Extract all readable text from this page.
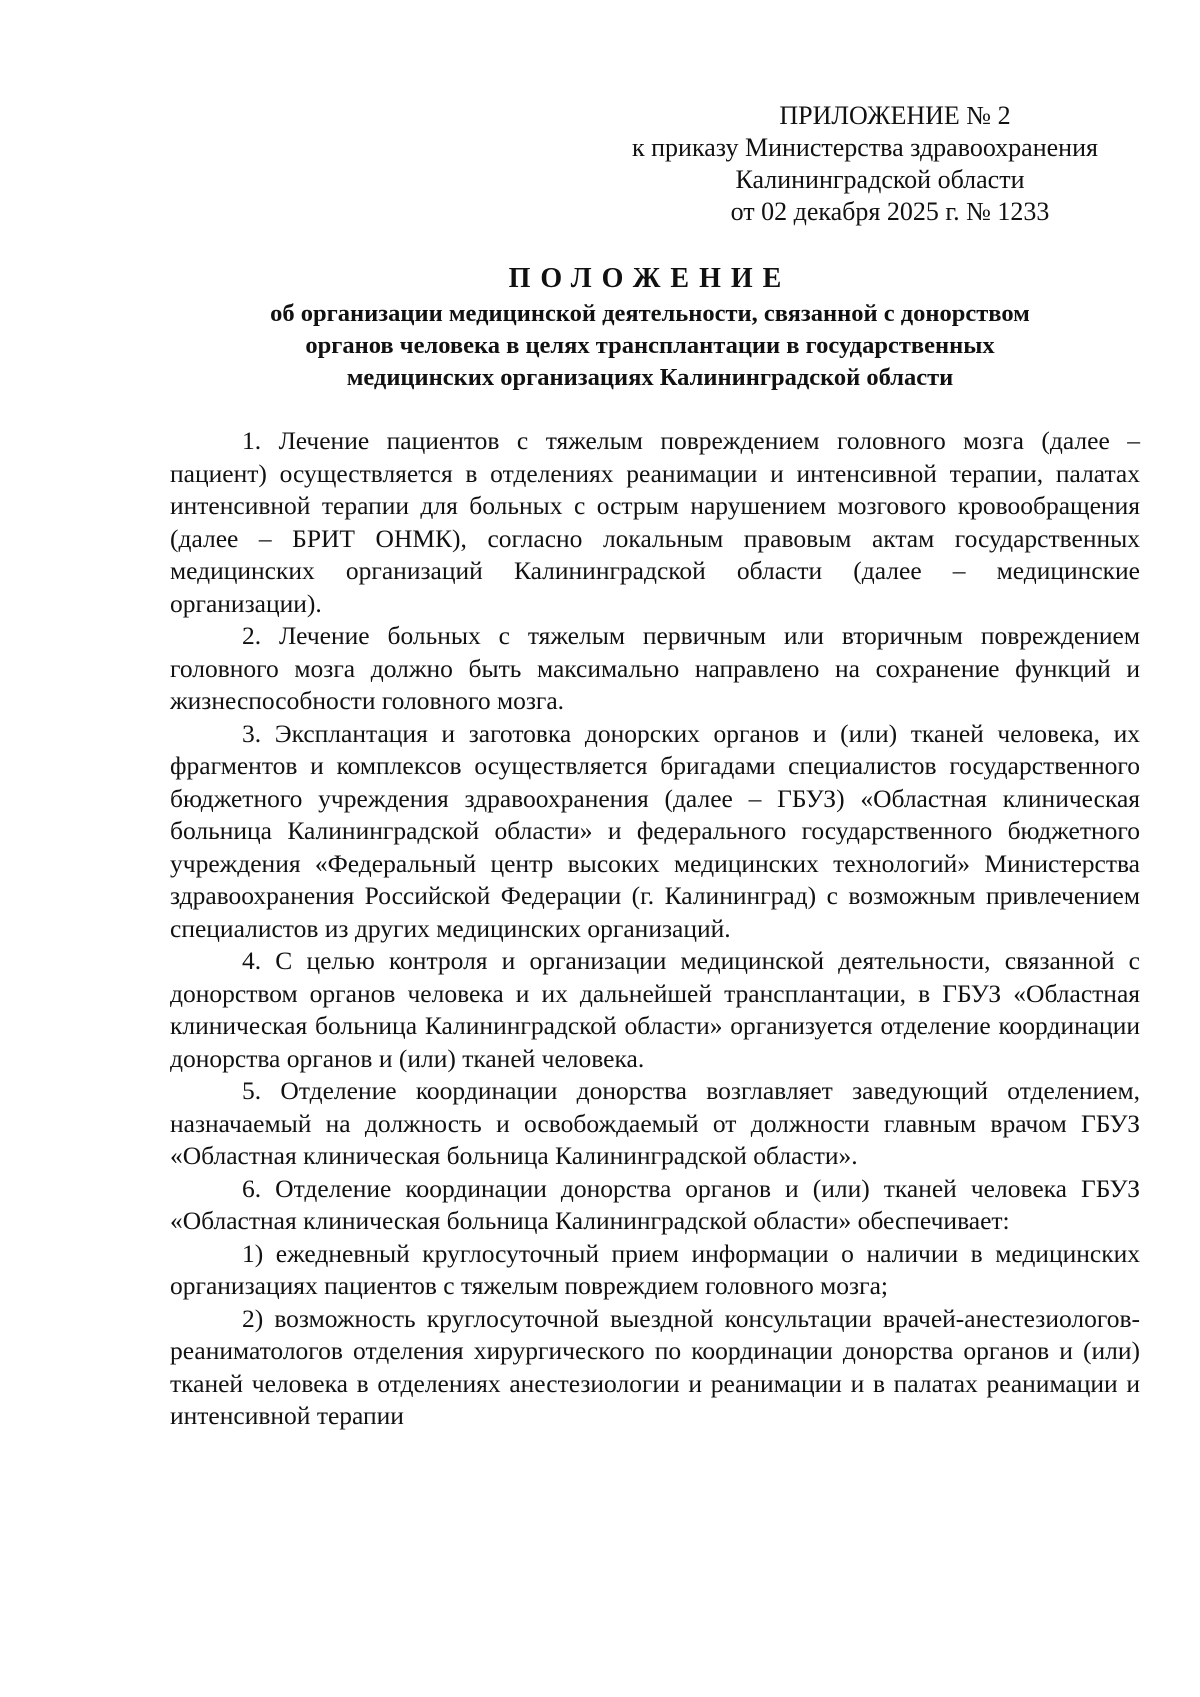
ПРИЛОЖЕНИЕ № 2
к приказу Министерства здравоохранения
Калининградской области
от 02 декабря 2025 г. № 1233
ПОЛОЖЕНИЕ
об организации медицинской деятельности, связанной с донорством
органов человека в целях трансплантации в государственных
медицинских организациях Калининградской области

1. Лечение пациентов с тяжелым повреждением головного мозга (далее – пациент) осуществляется в отделениях реанимации и интенсивной терапии, палатах интенсивной терапии для больных с острым нарушением мозгового кровообращения (далее – БРИТ ОНМК), согласно локальным правовым актам государственных медицинских организаций Калининградской области (далее – медицинские организации).

2. Лечение больных с тяжелым первичным или вторичным повреждением головного мозга должно быть максимально направлено на сохранение функций и жизнеспособности головного мозга.

3. Эксплантация и заготовка донорских органов и (или) тканей человека, их фрагментов и комплексов осуществляется бригадами специалистов государственного бюджетного учреждения здравоохранения (далее – ГБУЗ) «Областная клиническая больница Калининградской области» и федерального государственного бюджетного учреждения «Федеральный центр высоких медицинских технологий» Министерства здравоохранения Российской Федерации (г. Калининград) с возможным привлечением специалистов из других медицинских организаций.

4. С целью контроля и организации медицинской деятельности, связанной с донорством органов человека и их дальнейшей трансплантации, в ГБУЗ «Областная клиническая больница Калининградской области» организуется отделение координации донорства органов и (или) тканей человека.

5. Отделение координации донорства возглавляет заведующий отделением, назначаемый на должность и освобождаемый от должности главным врачом ГБУЗ «Областная клиническая больница Калининградской области».

6. Отделение координации донорства органов и (или) тканей человека ГБУЗ «Областная клиническая больница Калининградской области» обеспечивает:

1) ежедневный круглосуточный прием информации о наличии в медицинских организациях пациентов с тяжелым повреждием головного мозга;

2) возможность круглосуточной выездной консультации врачей-анестезиологов-реаниматологов отделения хирургического по координации донорства органов и (или) тканей человека в отделениях анестезиологии и реанимации и в палатах реанимации и интенсивной терапии
